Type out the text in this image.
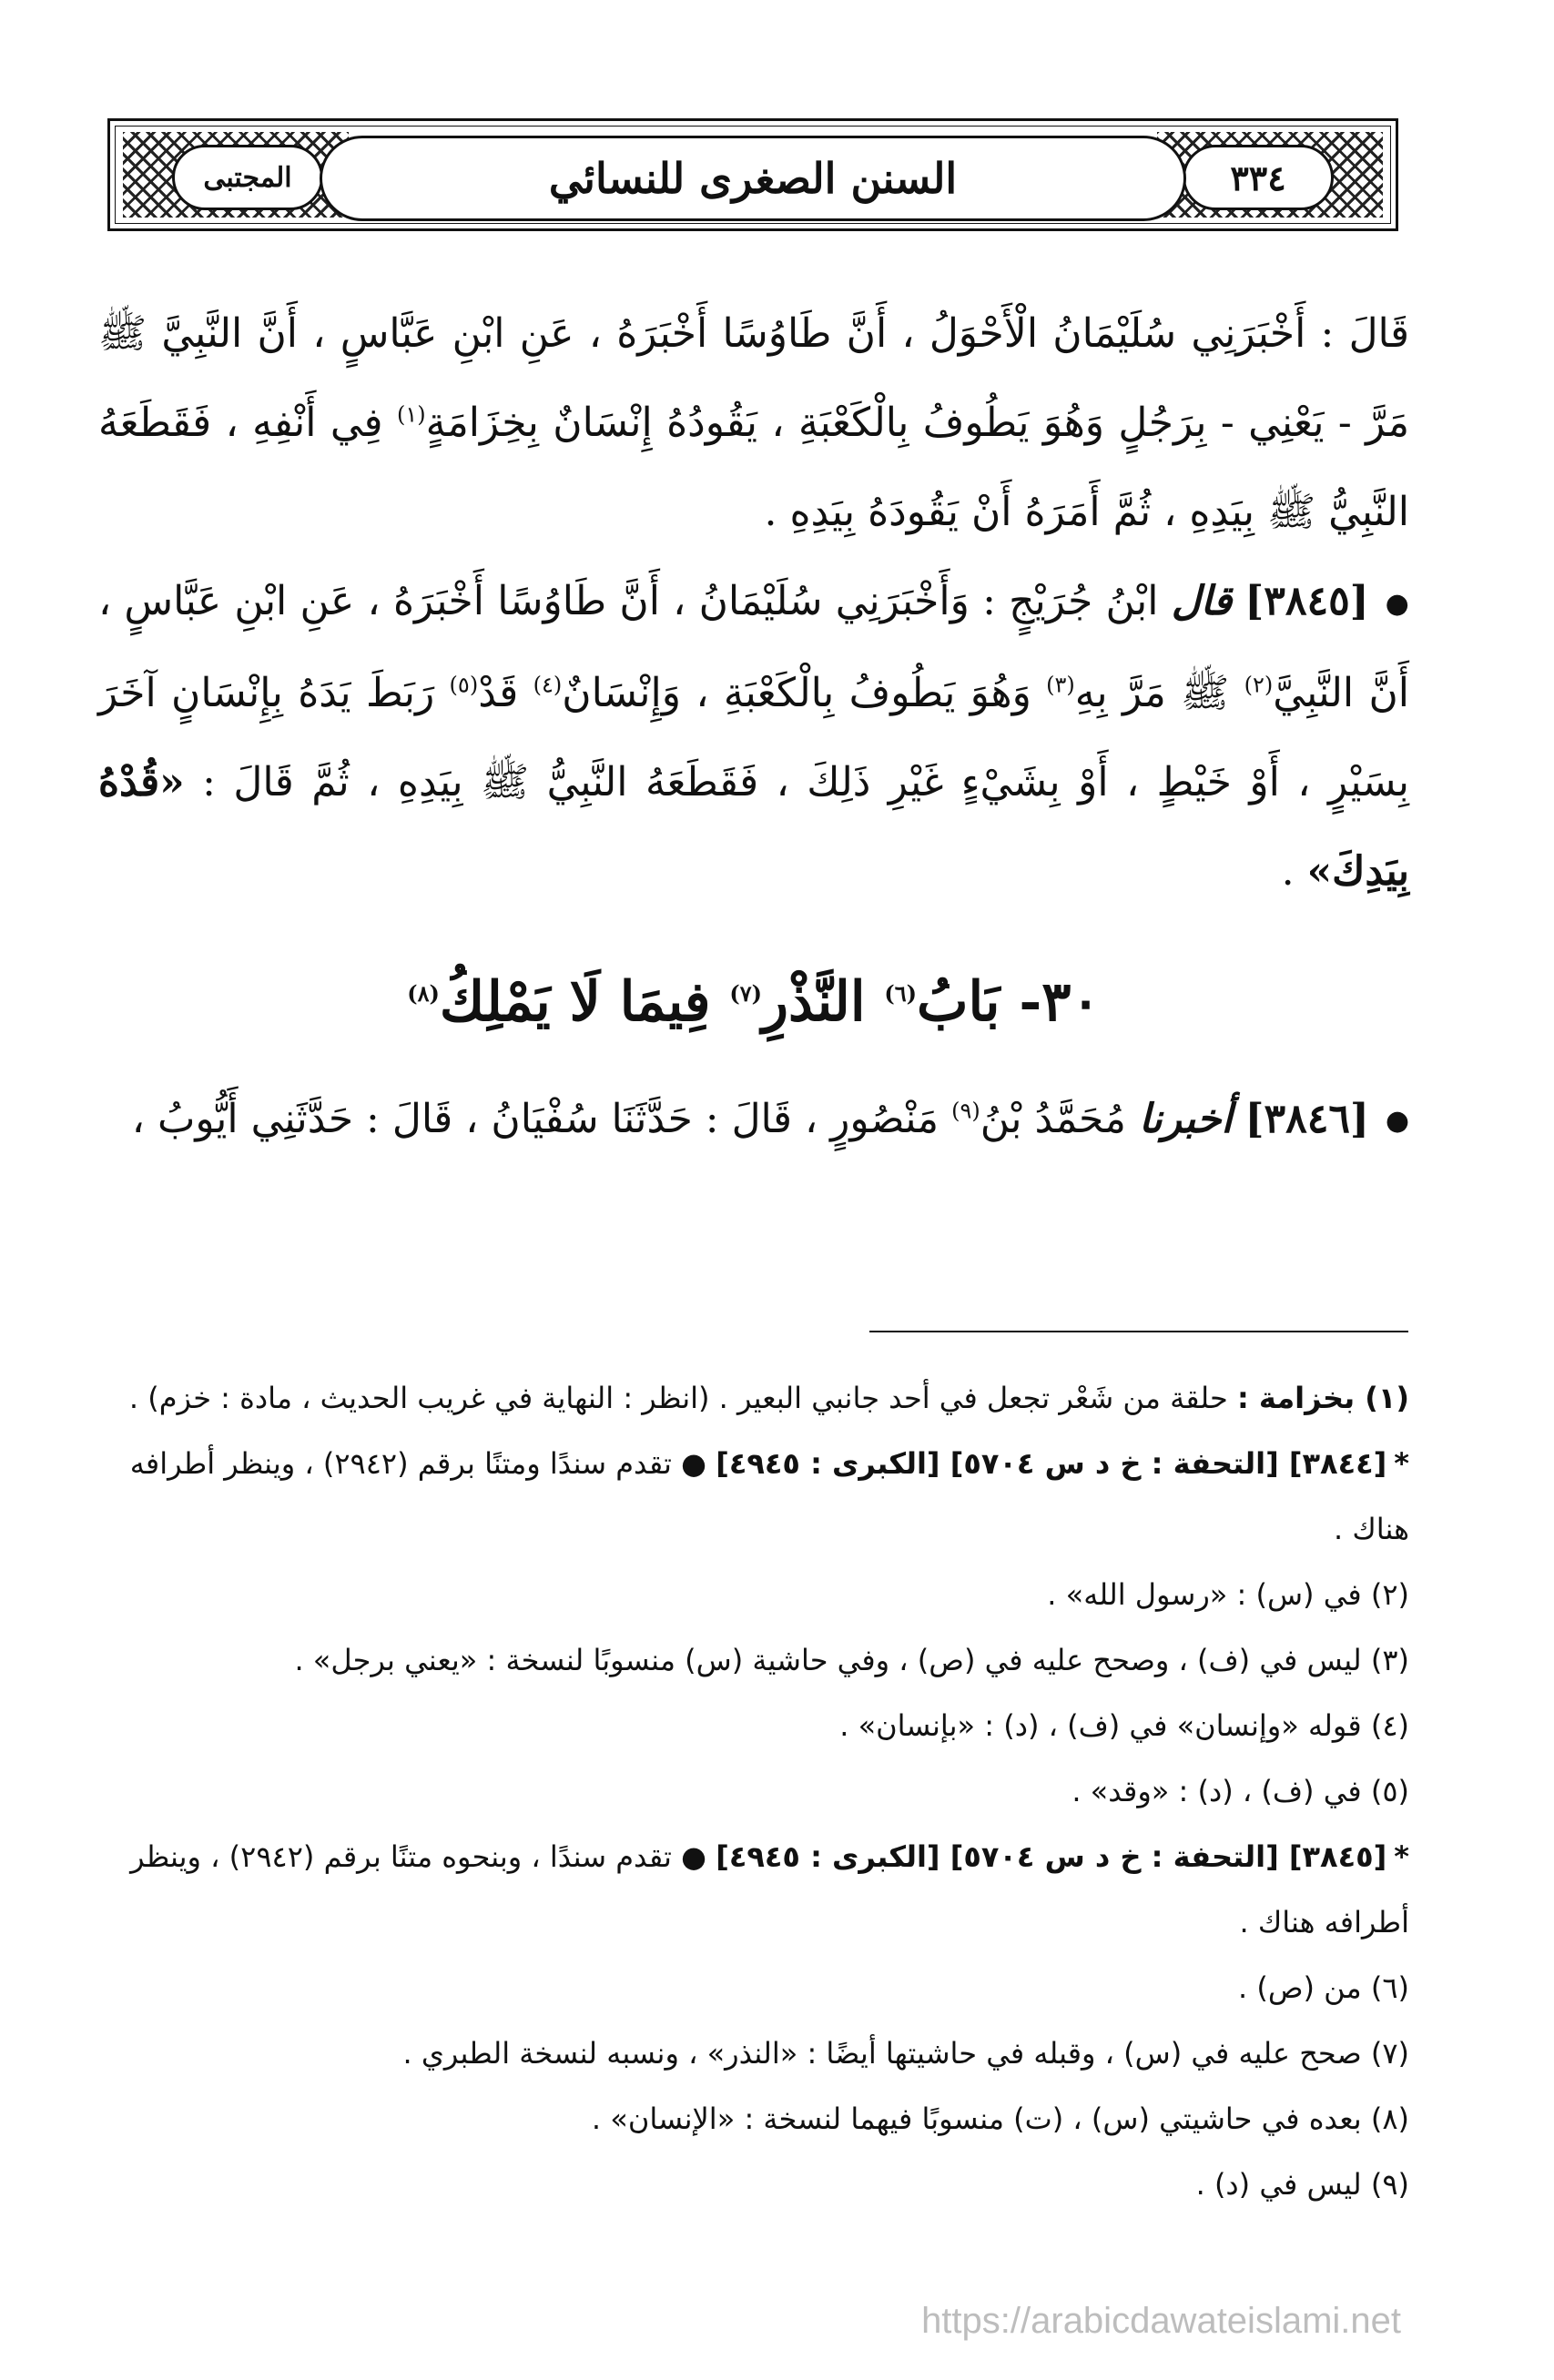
المجتبى	٣٣٤
السنن الصغرى للنسائي

قَالَ : أَخْبَرَنِي سُلَيْمَانُ الْأَحْوَلُ ، أَنَّ طَاوُسًا أَخْبَرَهُ ، عَنِ ابْنِ عَبَّاسٍ ، أَنَّ النَّبِيَّ ﷺ مَرَّ - يَعْنِي - بِرَجُلٍ وَهُوَ يَطُوفُ بِالْكَعْبَةِ ، يَقُودُهُ إِنْسَانٌ بِخِزَامَةٍ$^{(١)}$ فِي أَنْفِهِ ، فَقَطَعَهُ النَّبِيُّ ﷺ بِيَدِهِ ، ثُمَّ أَمَرَهُ أَنْ يَقُودَهُ بِيَدِهِ .

●[٣٨٤٥] قال ابْنُ جُرَيْجٍ : وَأَخْبَرَنِي سُلَيْمَانُ ، أَنَّ طَاوُسًا أَخْبَرَهُ ، عَنِ ابْنِ عَبَّاسٍ ، أَنَّ النَّبِيَّ$^{(٢)}$ ﷺ مَرَّ بِهِ$^{(٣)}$ وَهُوَ يَطُوفُ بِالْكَعْبَةِ ، وَإِنْسَانٌ$^{(٤)}$ قَدْ$^{(٥)}$ رَبَطَ يَدَهُ بِإِنْسَانٍ آخَرَ بِسَيْرٍ ، أَوْ خَيْطٍ ، أَوْ بِشَيْءٍ غَيْرِ ذَلِكَ ، فَقَطَعَهُ النَّبِيُّ ﷺ بِيَدِهِ ، ثُمَّ قَالَ : «قُدْهُ بِيَدِكَ» .

٣٠- بَابُ$^{(٦)}$ النَّذْرِ$^{(٧)}$ فِيمَا لَا يَمْلِكُ$^{(٨)}$

●[٣٨٤٦] أخبرنا مُحَمَّدُ بْنُ$^{(٩)}$ مَنْصُورٍ ، قَالَ : حَدَّثَنَا سُفْيَانُ ، قَالَ : حَدَّثَنِي أَيُّوبُ ،

(١) بخزامة : حلقة من شَعْر تجعل في أحد جانبي البعير . (انظر : النهاية في غريب الحديث ، مادة : خزم) .

*[٣٨٤٤] [التحفة : خ د س ٥٧٠٤] [الكبرى : ٤٩٤٥] ● تقدم سندًا ومتنًا برقم (٢٩٤٢) ، وينظر أطرافه هناك .

(٢) في (س) : «رسول الله» .

(٣) ليس في (ف) ، وصحح عليه في (ص) ، وفي حاشية (س) منسوبًا لنسخة : «يعني برجل» .

(٤) قوله «وإنسان» في (ف) ، (د) : «بإنسان» .

(٥) في (ف) ، (د) : «وقد» .

*[٣٨٤٥] [التحفة : خ د س ٥٧٠٤] [الكبرى : ٤٩٤٥] ● تقدم سندًا ، وبنحوه متنًا برقم (٢٩٤٢) ، وينظر أطرافه هناك .

(٦) من (ص) .

(٧) صحح عليه في (س) ، وقبله في حاشيتها أيضًا : «النذر» ، ونسبه لنسخة الطبري .

(٨) بعده في حاشيتي (س) ، (ت) منسوبًا فيهما لنسخة : «الإنسان» .

(٩) ليس في (د) .

https://arabicdawateislami.net
